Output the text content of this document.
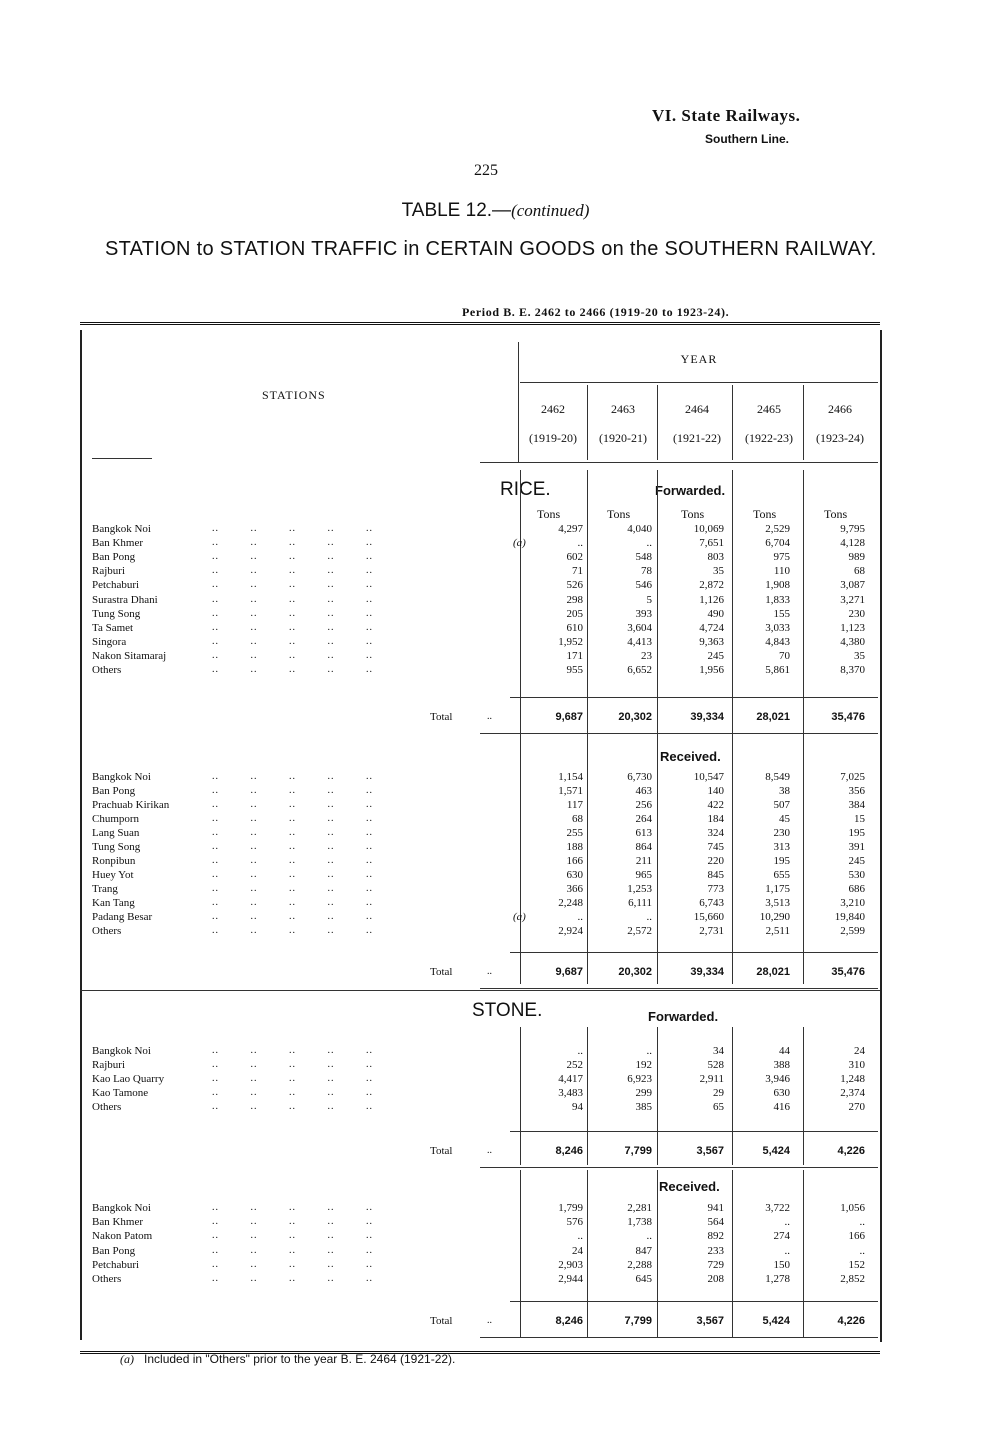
VI. State Railways.
Southern Line.
225
TABLE 12.—(continued)
STATION to STATION TRAFFIC in CERTAIN GOODS on the SOUTHERN RAILWAY.
Period B. E. 2462 to 2466 (1919-20 to 1923-24).
YEAR
STATIONS
2462
(1919-20)
2463
(1920-21)
2464
(1921-22)
2465
(1922-23)
2466
(1923-24)
RICE.	Forwarded.
Tons	Tons	Tons	Tons	Tons
Bangkok Noi	..         ..         ..         ..         ..	4,297	4,040	10,069	2,529	9,795
Ban Khmer	..         ..         ..         ..         ..	(a)	..	..	7,651	6,704	4,128
Ban Pong	..         ..         ..         ..         ..	602	548	803	975	989
Rajburi	..         ..         ..         ..         ..	71	78	35	110	68
Petchaburi	..         ..         ..         ..         ..	526	546	2,872	1,908	3,087
Surastra Dhani	..         ..         ..         ..         ..	298	5	1,126	1,833	3,271
Tung Song	..         ..         ..         ..         ..	205	393	490	155	230
Ta Samet	..         ..         ..         ..         ..	610	3,604	4,724	3,033	1,123
Singora	..         ..         ..         ..         ..	1,952	4,413	9,363	4,843	4,380
Nakon Sitamaraj	..         ..         ..         ..         ..	171	23	245	70	35
Others	..         ..         ..         ..         ..	955	6,652	1,956	5,861	8,370
Total	..	9,687	20,302	39,334	28,021	35,476
Received.
Bangkok Noi	..         ..         ..         ..         ..	1,154	6,730	10,547	8,549	7,025
Ban Pong	..         ..         ..         ..         ..	1,571	463	140	38	356
Prachuab Kirikan	..         ..         ..         ..         ..	117	256	422	507	384
Chumporn	..         ..         ..         ..         ..	68	264	184	45	15
Lang Suan	..         ..         ..         ..         ..	255	613	324	230	195
Tung Song	..         ..         ..         ..         ..	188	864	745	313	391
Ronpibun	..         ..         ..         ..         ..	166	211	220	195	245
Huey Yot	..         ..         ..         ..         ..	630	965	845	655	530
Trang	..         ..         ..         ..         ..	366	1,253	773	1,175	686
Kan Tang	..         ..         ..         ..         ..	2,248	6,111	6,743	3,513	3,210
Padang Besar	..         ..         ..         ..         ..	(a)	..	..	15,660	10,290	19,840
Others	..         ..         ..         ..         ..	2,924	2,572	2,731	2,511	2,599
Total	..	9,687	20,302	39,334	28,021	35,476
STONE.	Forwarded.
Bangkok Noi	..         ..         ..         ..         ..	..	..	34	44	24
Rajburi	..         ..         ..         ..         ..	252	192	528	388	310
Kao Lao Quarry	..         ..         ..         ..         ..	4,417	6,923	2,911	3,946	1,248
Kao Tamone	..         ..         ..         ..         ..	3,483	299	29	630	2,374
Others	..         ..         ..         ..         ..	94	385	65	416	270
Total	..	8,246	7,799	3,567	5,424	4,226
Received.
Bangkok Noi	..         ..         ..         ..         ..	1,799	2,281	941	3,722	1,056
Ban Khmer	..         ..         ..         ..         ..	576	1,738	564	..	..
Nakon Patom	..         ..         ..         ..         ..	..	..	892	274	166
Ban Pong	..         ..         ..         ..         ..	24	847	233	..	..
Petchaburi	..         ..         ..         ..         ..	2,903	2,288	729	150	152
Others	..         ..         ..         ..         ..	2,944	645	208	1,278	2,852
Total	..	8,246	7,799	3,567	5,424	4,226
(a) Included in "Others" prior to the year B. E. 2464 (1921-22).
